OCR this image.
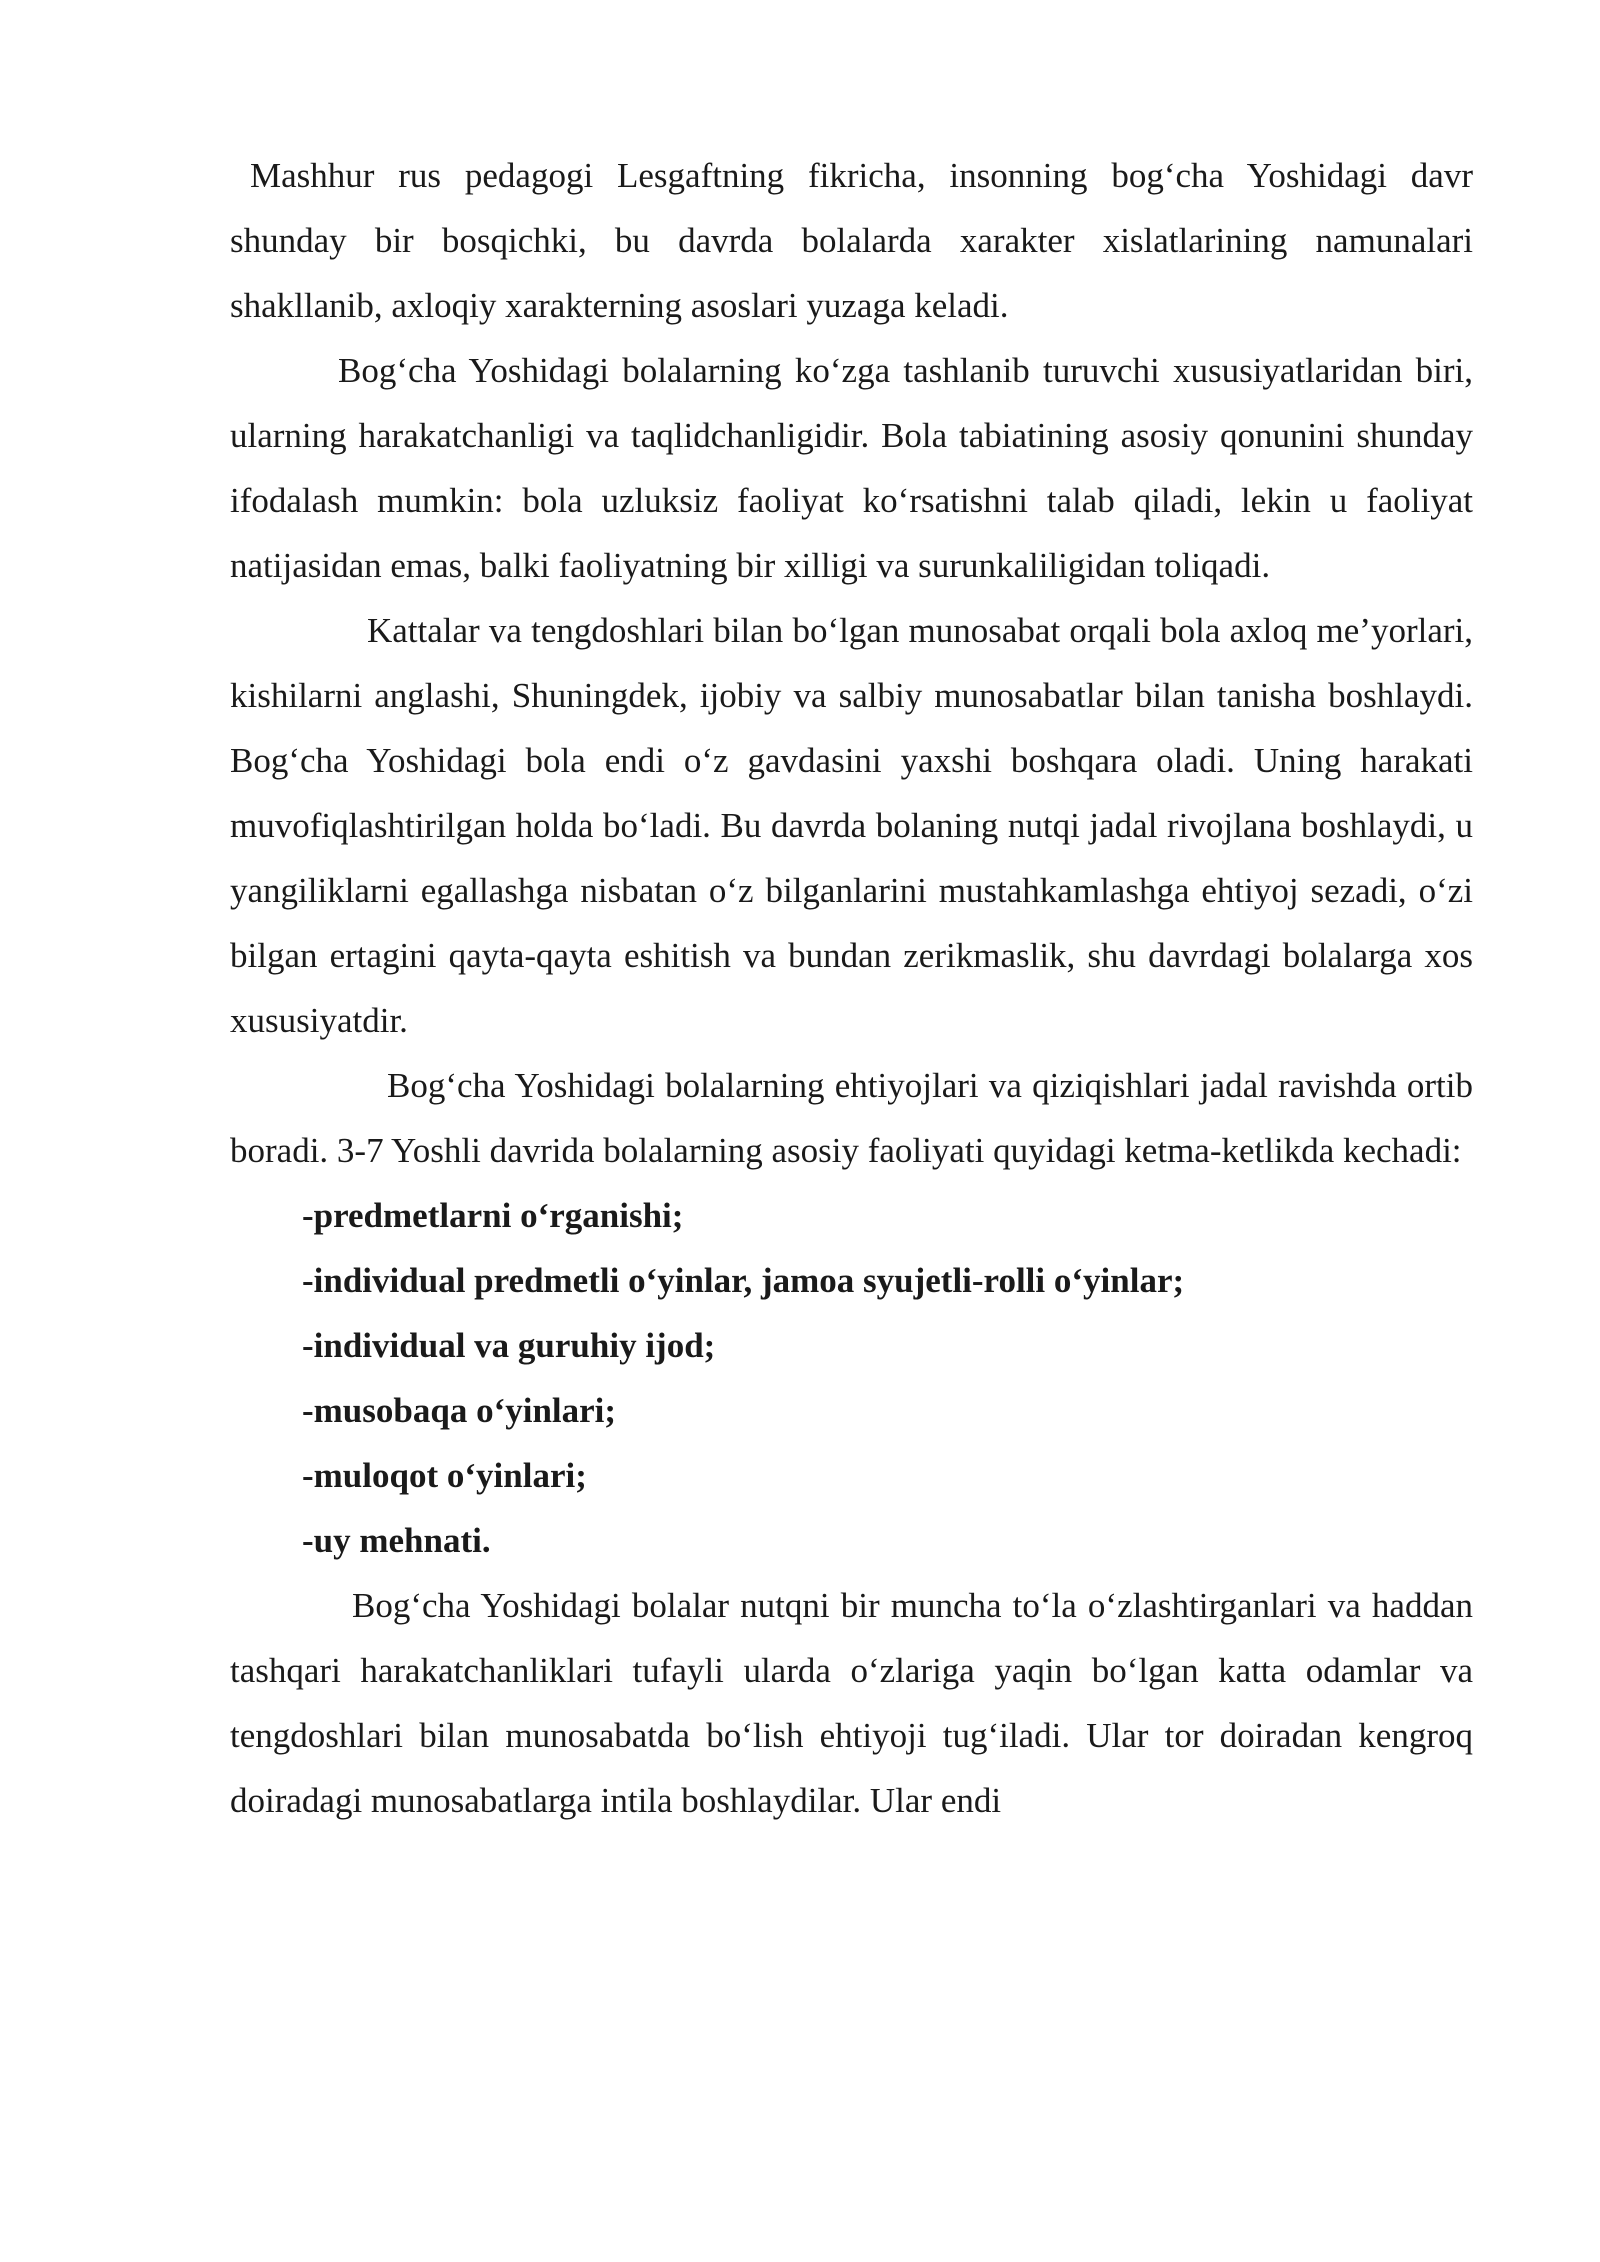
Mashhur rus pedagogi Lesgaftning fikricha, insonning bog‘cha Yoshidagi davr shunday bir bosqichki, bu davrda bolalarda xarakter xislatlarining namunalari shakllanib, axloqiy xarakterning asoslari yuzaga keladi.

Bog‘cha Yoshidagi bolalarning ko‘zga tashlanib turuvchi xususiyatlaridan biri, ularning harakatchanligi va taqlidchanligidir. Bola tabiatining asosiy qonunini shunday ifodalash mumkin: bola uzluksiz faoliyat ko‘rsatishni talab qiladi, lekin u faoliyat natijasidan emas, balki faoliyatning bir xilligi va surunkaliligidan toliqadi.

Kattalar va tengdoshlari bilan bo‘lgan munosabat orqali bola axloq me’yorlari, kishilarni anglashi, Shuningdek, ijobiy va salbiy munosabatlar bilan tanisha boshlaydi. Bog‘cha Yoshidagi bola endi o‘z gavdasini yaxshi boshqara oladi. Uning harakati muvofiqlashtirilgan holda bo‘ladi. Bu davrda bolaning nutqi jadal rivojlana boshlaydi, u yangiliklarni egallashga nisbatan o‘z bilganlarini mustahkamlashga ehtiyoj sezadi, o‘zi bilgan ertagini qayta-qayta eshitish va bundan zerikmaslik, shu davrdagi bolalarga xos xususiyatdir.

Bog‘cha Yoshidagi bolalarning ehtiyojlari va qiziqishlari jadal ravishda ortib boradi. 3-7 Yoshli davrida bolalarning asosiy faoliyati quyidagi ketma-ketlikda kechadi:

-predmetlarni o‘rganishi;
-individual predmetli o‘yinlar, jamoa syujetli-rolli o‘yinlar;
-individual va guruhiy ijod;
-musobaqa o‘yinlari;
-muloqot o‘yinlari;
-uy mehnati.

Bog‘cha Yoshidagi bolalar nutqni bir muncha to‘la o‘zlashtirganlari va haddan tashqari harakatchanliklari tufayli ularda o‘zlariga yaqin bo‘lgan katta odamlar va tengdoshlari bilan munosabatda bo‘lish ehtiyoji tug‘iladi. Ular tor doiradan kengroq doiradagi munosabatlarga intila boshlaydilar. Ular endi
